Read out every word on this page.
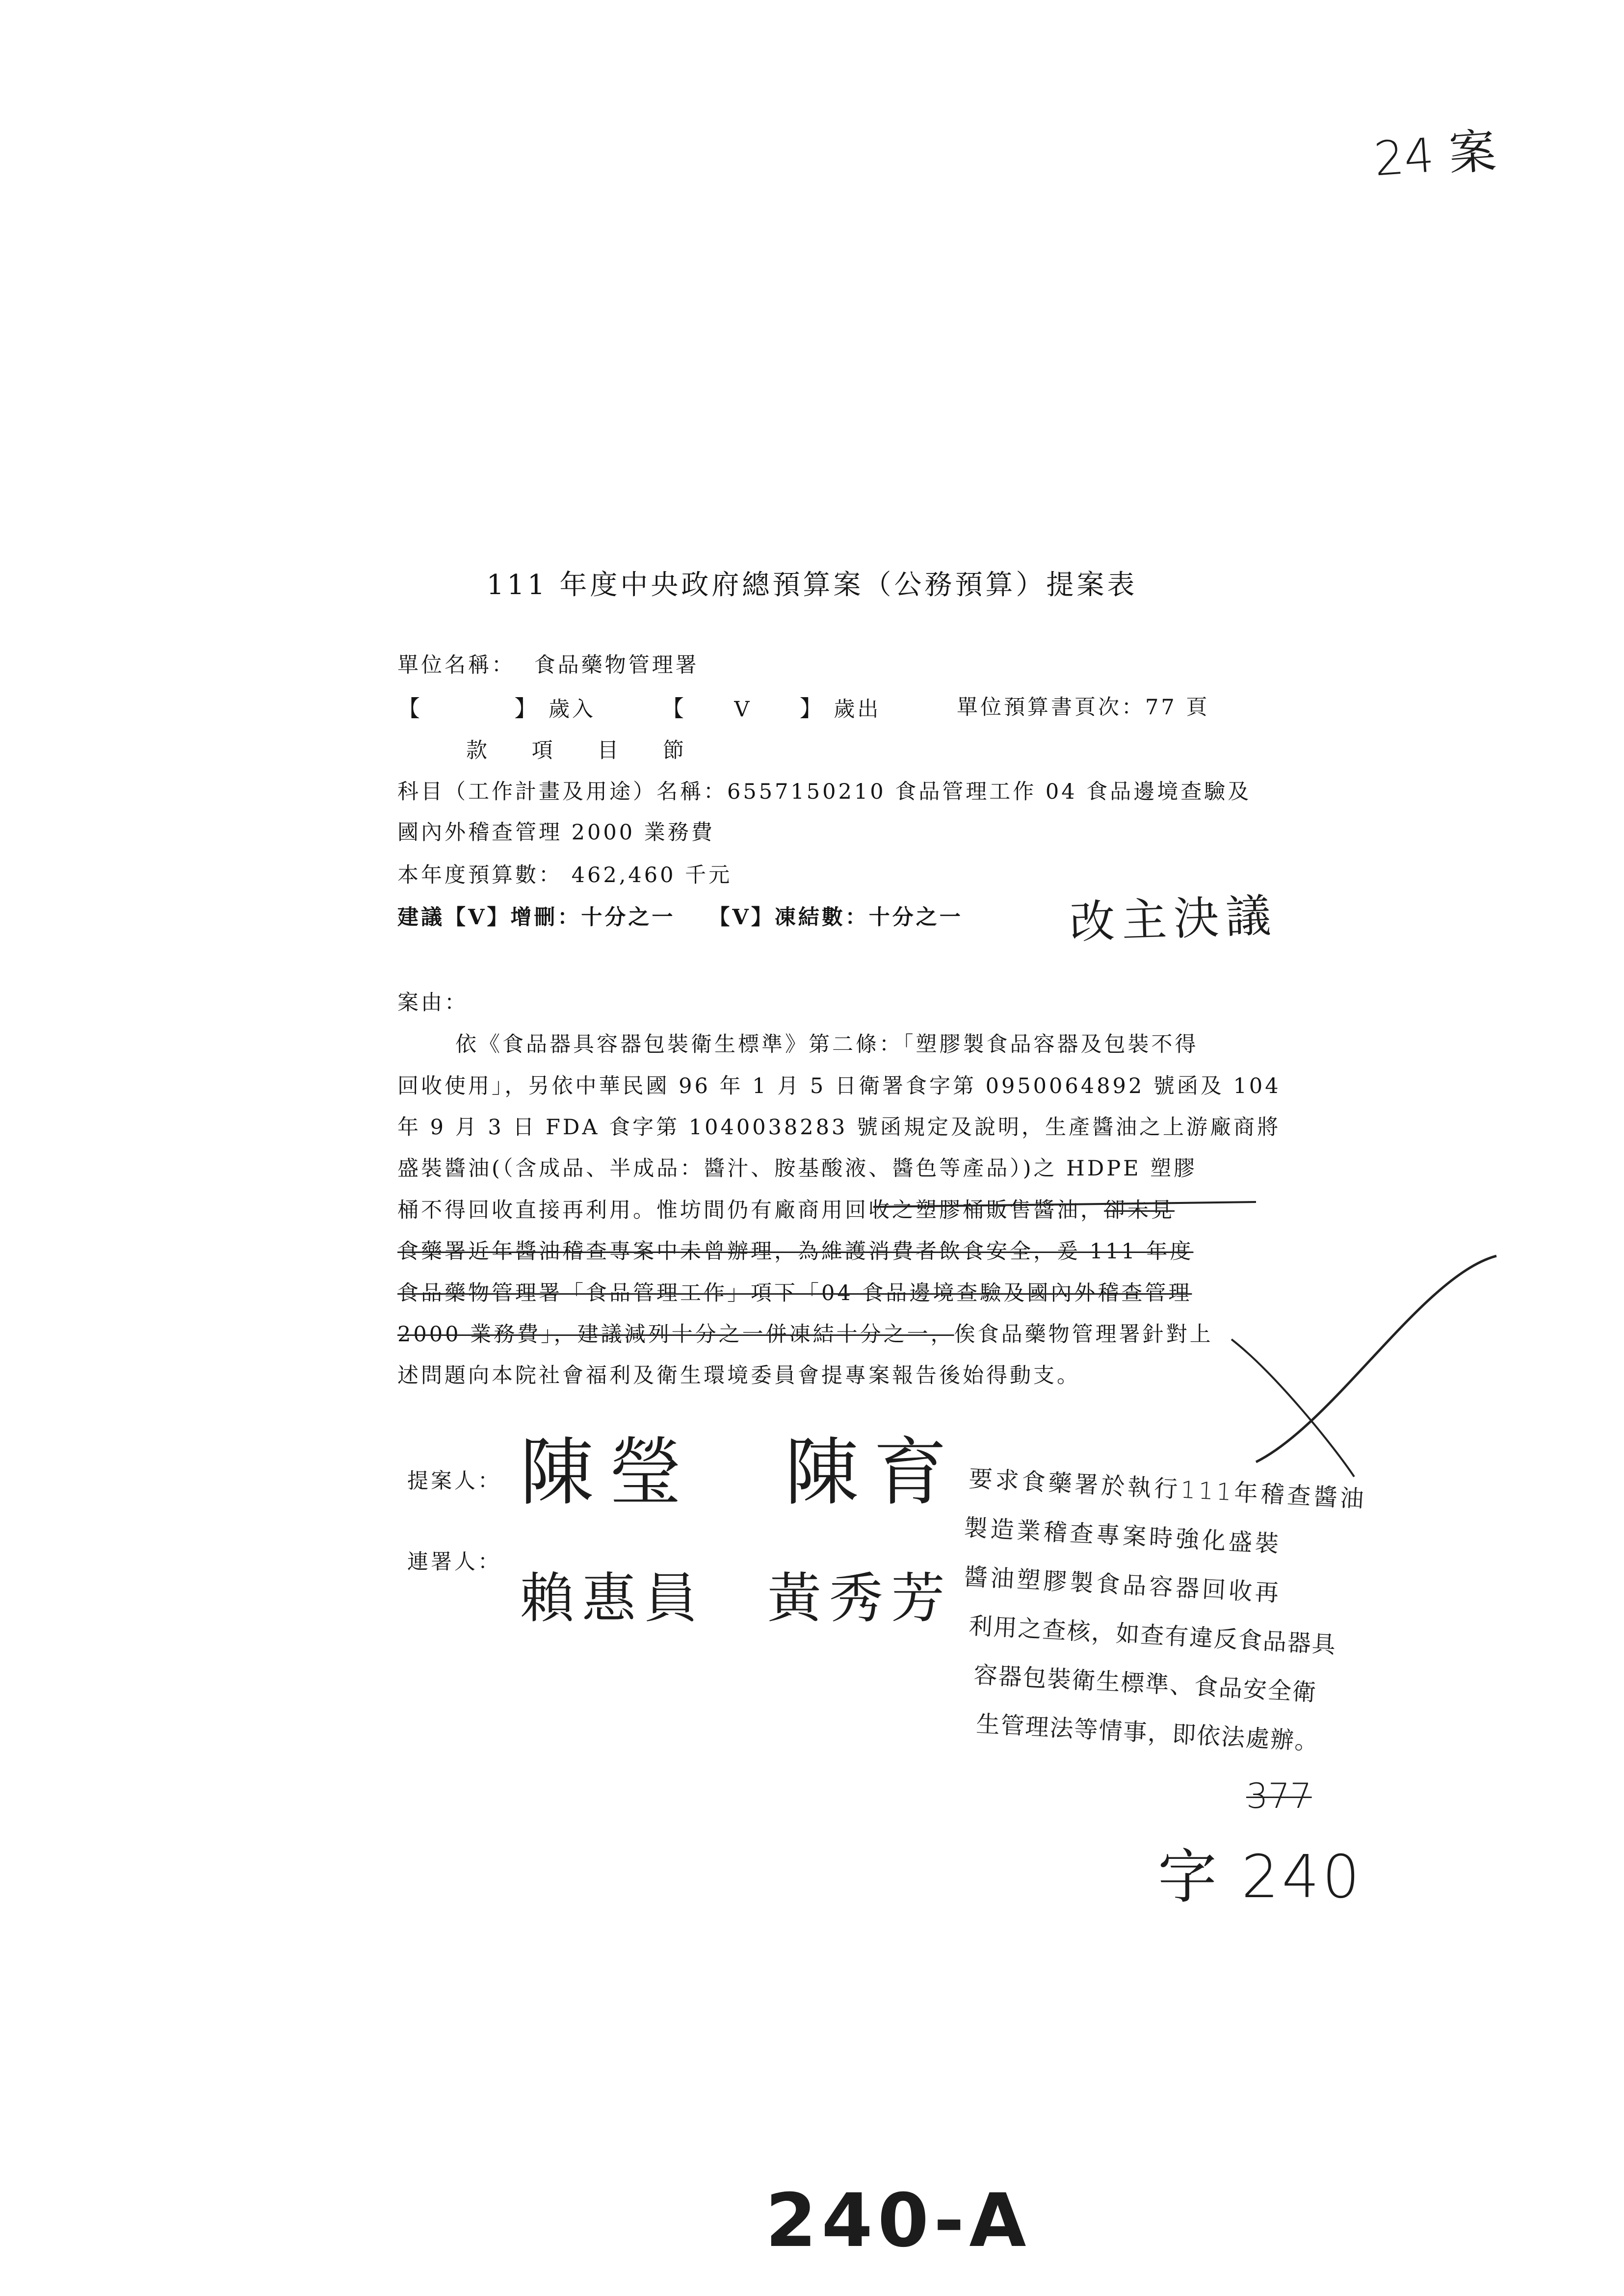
24 案
111 年度中央政府總預算案（公務預算）提案表
單位名稱： 食品藥物管理署
【	】 歲入	【 V 】 歲出	單位預算書頁次：77 頁
款 項 目 節
科目（工作計畫及用途）名稱：6557150210 食品管理工作 04 食品邊境查驗及
國內外稽查管理 2000 業務費
本年度預算數： 462,460 千元
建議【V】增刪：十分之一　 【V】凍結數：十分之一 改主決議
案由：
　依《食品器具容器包裝衛生標準》第二條：「塑膠製食品容器及包裝不得
回收使用」，另依中華民國 96 年 1 月 5 日衛署食字第 0950064892 號函及 104
年 9 月 3 日 FDA 食字第 1040038283 號函規定及說明，生產醬油之上游廠商將
盛裝醬油(（含成品、半成品：醬汁、胺基酸液、醬色等產品）)之 HDPE 塑膠
桶不得回收直接再利用。惟坊間仍有廠商用回收之塑膠桶販售醬油，卻未見
食藥署近年醬油稽查專案中未曾辦理，為維護消費者飲食安全，爰 111 年度
食品藥物管理署「食品管理工作」項下「04 食品邊境查驗及國內外稽查管理
2000 業務費」，建議減列十分之一併凍結十分之一，俟食品藥物管理署針對上
述問題向本院社會福利及衛生環境委員會提專案報告後始得動支。
提案人： 陳瑩　陳育
連署人：
賴惠員　黃秀芳
要求食藥署於執行111年稽查醬油
製造業稽查專案時強化盛裝
醬油塑膠製食品容器回收再
利用之查核，如查有違反食品器具
容器包裝衛生標準、食品安全衛
生管理法等情事，即依法處辦。
377
字 240
240-A
